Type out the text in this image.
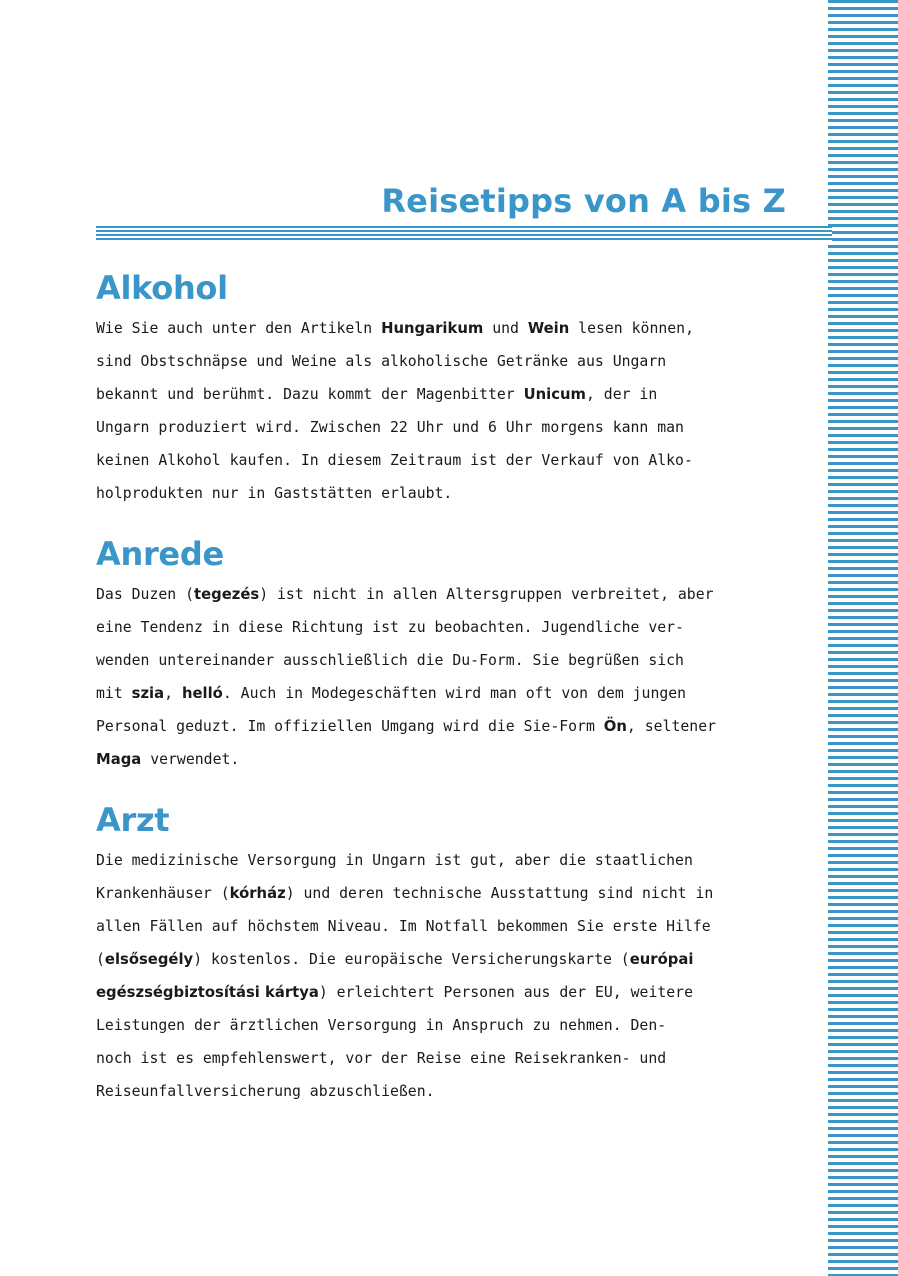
Reisetipps von A bis Z
Alkohol

Wie Sie auch unter den Artikeln Hungarikum und Wein lesen können,
sind Obstschnäpse und Weine als alkoholische Getränke aus Ungarn
bekannt und berühmt. Dazu kommt der Magenbitter Unicum, der in
Ungarn produziert wird. Zwischen 22 Uhr und 6 Uhr morgens kann man
keinen Alkohol kaufen. In diesem Zeitraum ist der Verkauf von Alko-
holprodukten nur in Gaststätten erlaubt.

Anrede

Das Duzen (tegezés) ist nicht in allen Altersgruppen verbreitet, aber
eine Tendenz in diese Richtung ist zu beobachten. Jugendliche ver-
wenden untereinander ausschließlich die Du-Form. Sie begrüßen sich
mit szia, helló. Auch in Modegeschäften wird man oft von dem jungen
Personal geduzt. Im offiziellen Umgang wird die Sie-Form Ön, seltener
Maga verwendet.

Arzt

Die medizinische Versorgung in Ungarn ist gut, aber die staatlichen
Krankenhäuser (kórház) und deren technische Ausstattung sind nicht in
allen Fällen auf höchstem Niveau. Im Notfall bekommen Sie erste Hilfe
(elsősegély) kostenlos. Die europäische Versicherungskarte (európai
egészségbiztosítási kártya) erleichtert Personen aus der EU, weitere
Leistungen der ärztlichen Versorgung in Anspruch zu nehmen. Den-
noch ist es empfehlenswert, vor der Reise eine Reisekranken- und
Reiseunfallversicherung abzuschließen.
